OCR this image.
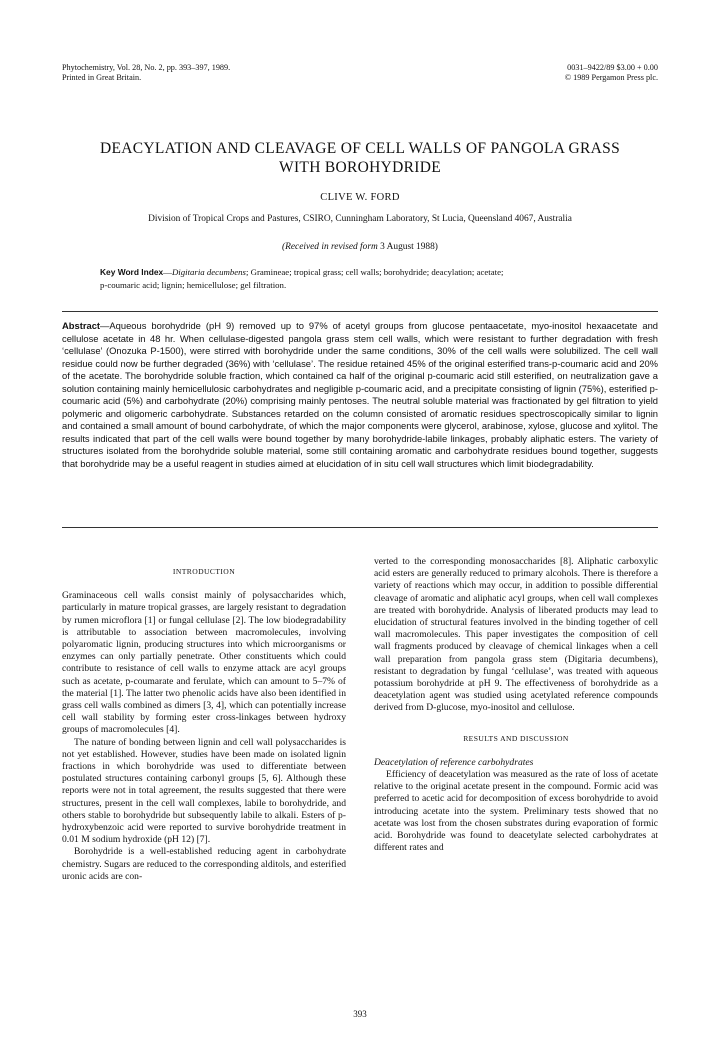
Phytochemistry, Vol. 28, No. 2, pp. 393–397, 1989.
Printed in Great Britain.
0031–9422/89 $3.00 + 0.00
© 1989 Pergamon Press plc.
DEACYLATION AND CLEAVAGE OF CELL WALLS OF PANGOLA GRASS
WITH BOROHYDRIDE
CLIVE W. FORD
Division of Tropical Crops and Pastures, CSIRO, Cunningham Laboratory, St Lucia, Queensland 4067, Australia
(Received in revised form 3 August 1988)
Key Word Index—Digitaria decumbens; Gramineae; tropical grass; cell walls; borohydride; deacylation; acetate;
p-coumaric acid; lignin; hemicellulose; gel filtration.
Abstract—Aqueous borohydride (pH 9) removed up to 97% of acetyl groups from glucose pentaacetate, myo-inositol hexaacetate and cellulose acetate in 48 hr. When cellulase-digested pangola grass stem cell walls, which were resistant to further degradation with fresh ‘cellulase’ (Onozuka P-1500), were stirred with borohydride under the same conditions, 30% of the cell walls were solubilized. The cell wall residue could now be further degraded (36%) with ‘cellulase’. The residue retained 45% of the original esterified trans-p-coumaric acid and 20% of the acetate. The borohydride soluble fraction, which contained ca half of the original p-coumaric acid still esterified, on neutralization gave a solution containing mainly hemicellulosic carbohydrates and negligible p-coumaric acid, and a precipitate consisting of lignin (75%), esterified p-coumaric acid (5%) and carbohydrate (20%) comprising mainly pentoses. The neutral soluble material was fractionated by gel filtration to yield polymeric and oligomeric carbohydrate. Substances retarded on the column consisted of aromatic residues spectroscopically similar to lignin and contained a small amount of bound carbohydrate, of which the major components were glycerol, arabinose, xylose, glucose and xylitol. The results indicated that part of the cell walls were bound together by many borohydride-labile linkages, probably aliphatic esters. The variety of structures isolated from the borohydride soluble material, some still containing aromatic and carbohydrate residues bound together, suggests that borohydride may be a useful reagent in studies aimed at elucidation of in situ cell wall structures which limit biodegradability.
INTRODUCTION

Graminaceous cell walls consist mainly of polysaccharides which, particularly in mature tropical grasses, are largely resistant to degradation by rumen microflora [1] or fungal cellulase [2]. The low biodegradability is attributable to association between macromolecules, involving polyaromatic lignin, producing structures into which microorganisms or enzymes can only partially penetrate. Other constituents which could contribute to resistance of cell walls to enzyme attack are acyl groups such as acetate, p-coumarate and ferulate, which can amount to 5–7% of the material [1]. The latter two phenolic acids have also been identified in grass cell walls combined as dimers [3, 4], which can potentially increase cell wall stability by forming ester cross-linkages between hydroxy groups of macromolecules [4].

The nature of bonding between lignin and cell wall polysaccharides is not yet established. However, studies have been made on isolated lignin fractions in which borohydride was used to differentiate between postulated structures containing carbonyl groups [5, 6]. Although these reports were not in total agreement, the results suggested that there were structures, present in the cell wall complexes, labile to borohydride, and others stable to borohydride but subsequently labile to alkali. Esters of p-hydroxybenzoic acid were reported to survive borohydride treatment in 0.01 M sodium hydroxide (pH 12) [7].

Borohydride is a well-established reducing agent in carbohydrate chemistry. Sugars are reduced to the corresponding alditols, and esterified uronic acids are con-

verted to the corresponding monosaccharides [8]. Aliphatic carboxylic acid esters are generally reduced to primary alcohols. There is therefore a variety of reactions which may occur, in addition to possible differential cleavage of aromatic and aliphatic acyl groups, when cell wall complexes are treated with borohydride. Analysis of liberated products may lead to elucidation of structural features involved in the binding together of cell wall macromolecules. This paper investigates the composition of cell wall fragments produced by cleavage of chemical linkages when a cell wall preparation from pangola grass stem (Digitaria decumbens), resistant to degradation by fungal ‘cellulase’, was treated with aqueous potassium borohydride at pH 9. The effectiveness of borohydride as a deacetylation agent was studied using acetylated reference compounds derived from D-glucose, myo-inositol and cellulose.

RESULTS AND DISCUSSION

Deacetylation of reference carbohydrates

Efficiency of deacetylation was measured as the rate of loss of acetate relative to the original acetate present in the compound. Formic acid was preferred to acetic acid for decomposition of excess borohydride to avoid introducing acetate into the system. Preliminary tests showed that no acetate was lost from the chosen substrates during evaporation of formic acid. Borohydride was found to deacetylate selected carbohydrates at different rates and

393
